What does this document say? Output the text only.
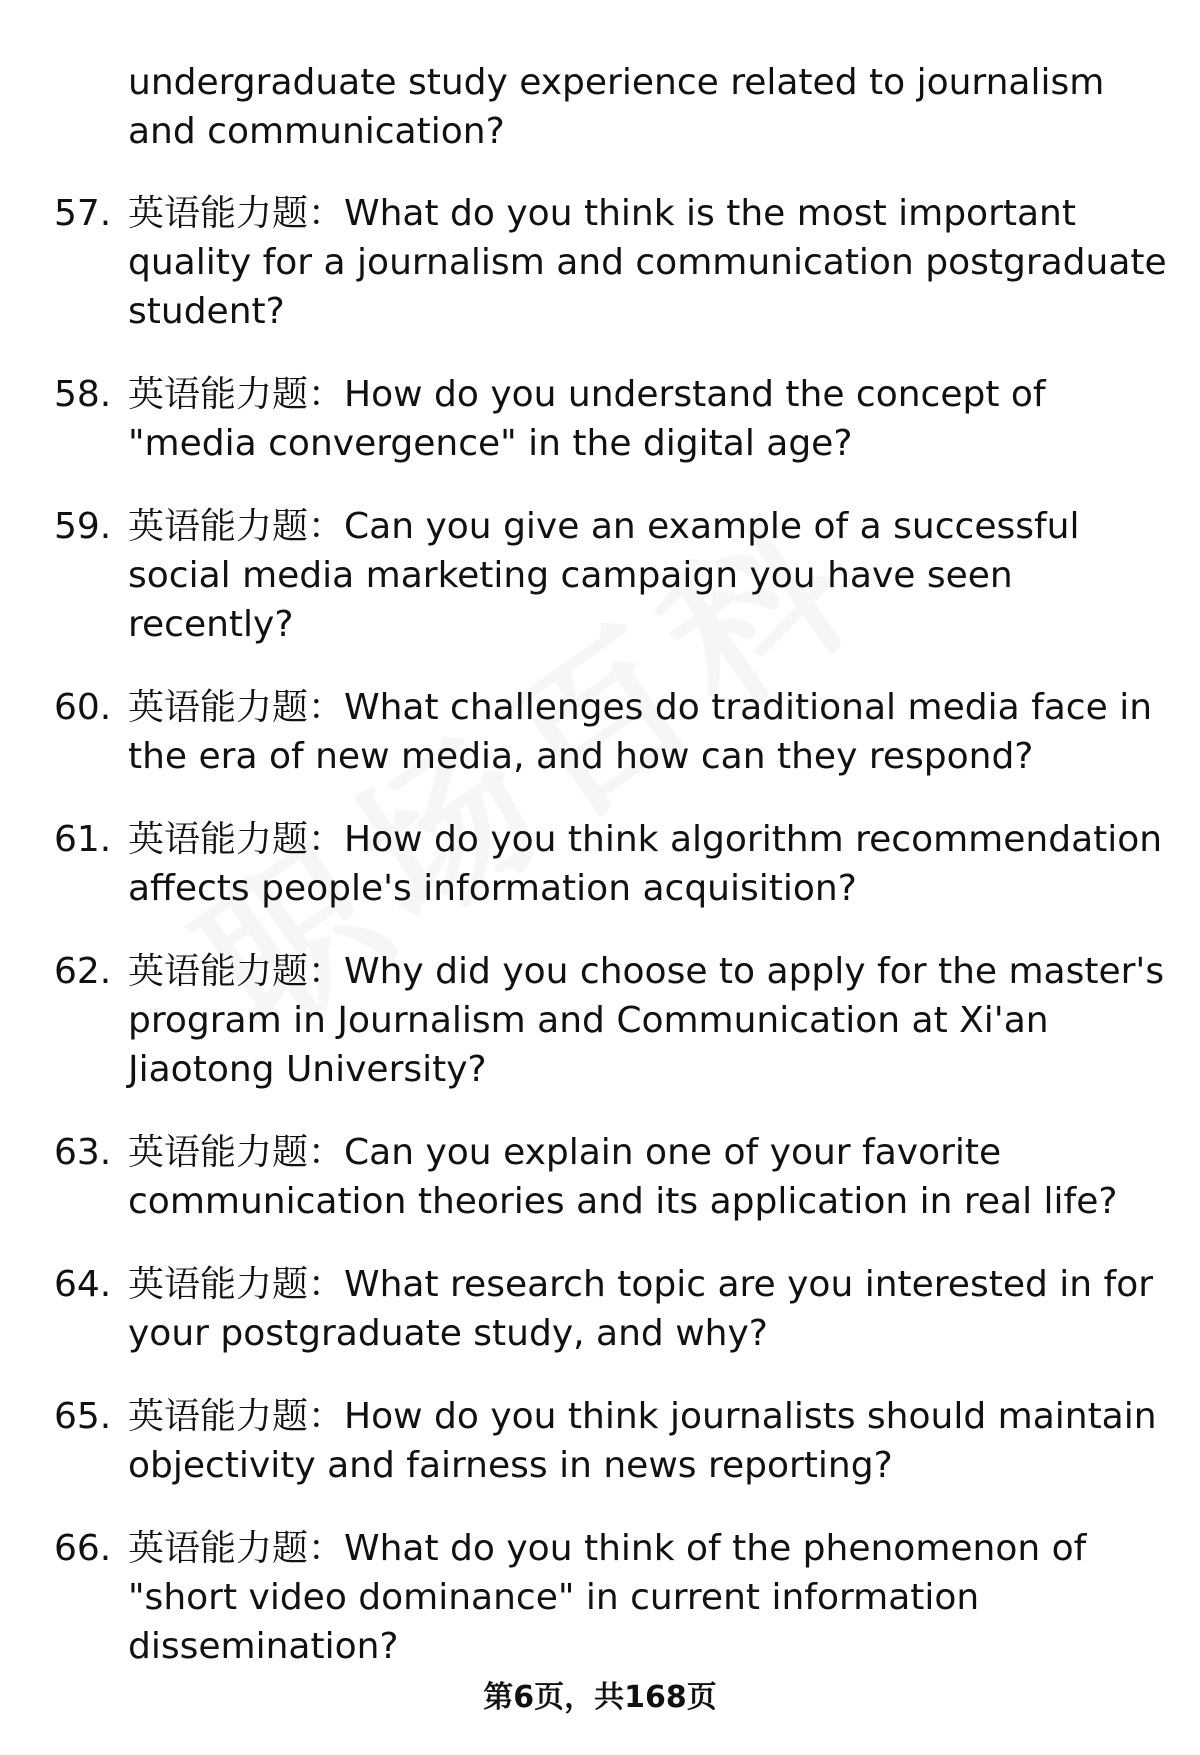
undergraduate study experience related to journalism and communication?
57. 英语能力题：What do you think is the most important quality for a journalism and communication postgraduate student?
58. 英语能力题：How do you understand the concept of "media convergence" in the digital age?
59. 英语能力题：Can you give an example of a successful social media marketing campaign you have seen recently?
60. 英语能力题：What challenges do traditional media face in the era of new media, and how can they respond?
61. 英语能力题：How do you think algorithm recommendation affects people's information acquisition?
62. 英语能力题：Why did you choose to apply for the master's program in Journalism and Communication at Xi'an Jiaotong University?
63. 英语能力题：Can you explain one of your favorite communication theories and its application in real life?
64. 英语能力题：What research topic are you interested in for your postgraduate study, and why?
65. 英语能力题：How do you think journalists should maintain objectivity and fairness in news reporting?
66. 英语能力题：What do you think of the phenomenon of "short video dominance" in current information dissemination?
第6页，共168页
